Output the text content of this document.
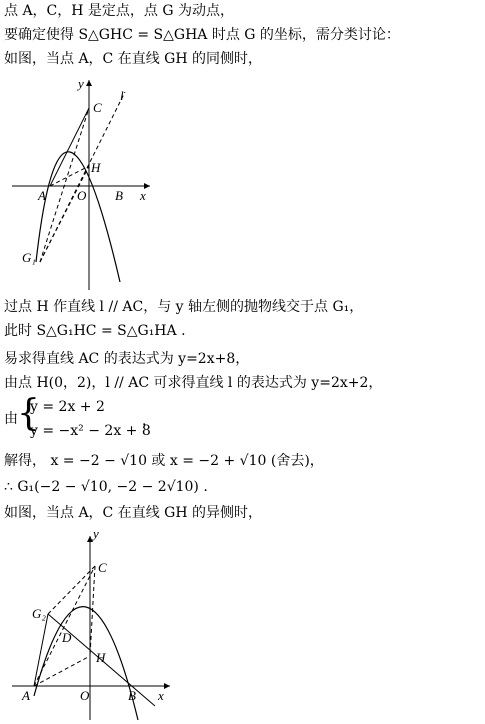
点 A，C，H 是定点，点 G 为动点，
要确定使得 S△GHC = S△GHA 时点 G 的坐标，需分类讨论：
如图，当点 A，C 在直线 GH 的同侧时，
y
l
C
H
A O B x
G₁
过点 H 作直线 l // AC，与 y 轴左侧的抛物线交于点 G₁，
此时 S△G₁HC = S△G₁HA .
易求得直线 AC 的表达式为 y=2x+8，
由点 H(0，2)，l // AC 可求得直线 l 的表达式为 y=2x+2，
由 {
y = 2x + 2
y = −x² − 2x + 8
，
解得， x = −2 − √10 或 x = −2 + √10 (舍去)，
∴ G₁(−2 − √10, −2 − 2√10) .
如图，当点 A，C 在直线 GH 的异侧时，
y
C
G₂
D
H
A	O	B x
